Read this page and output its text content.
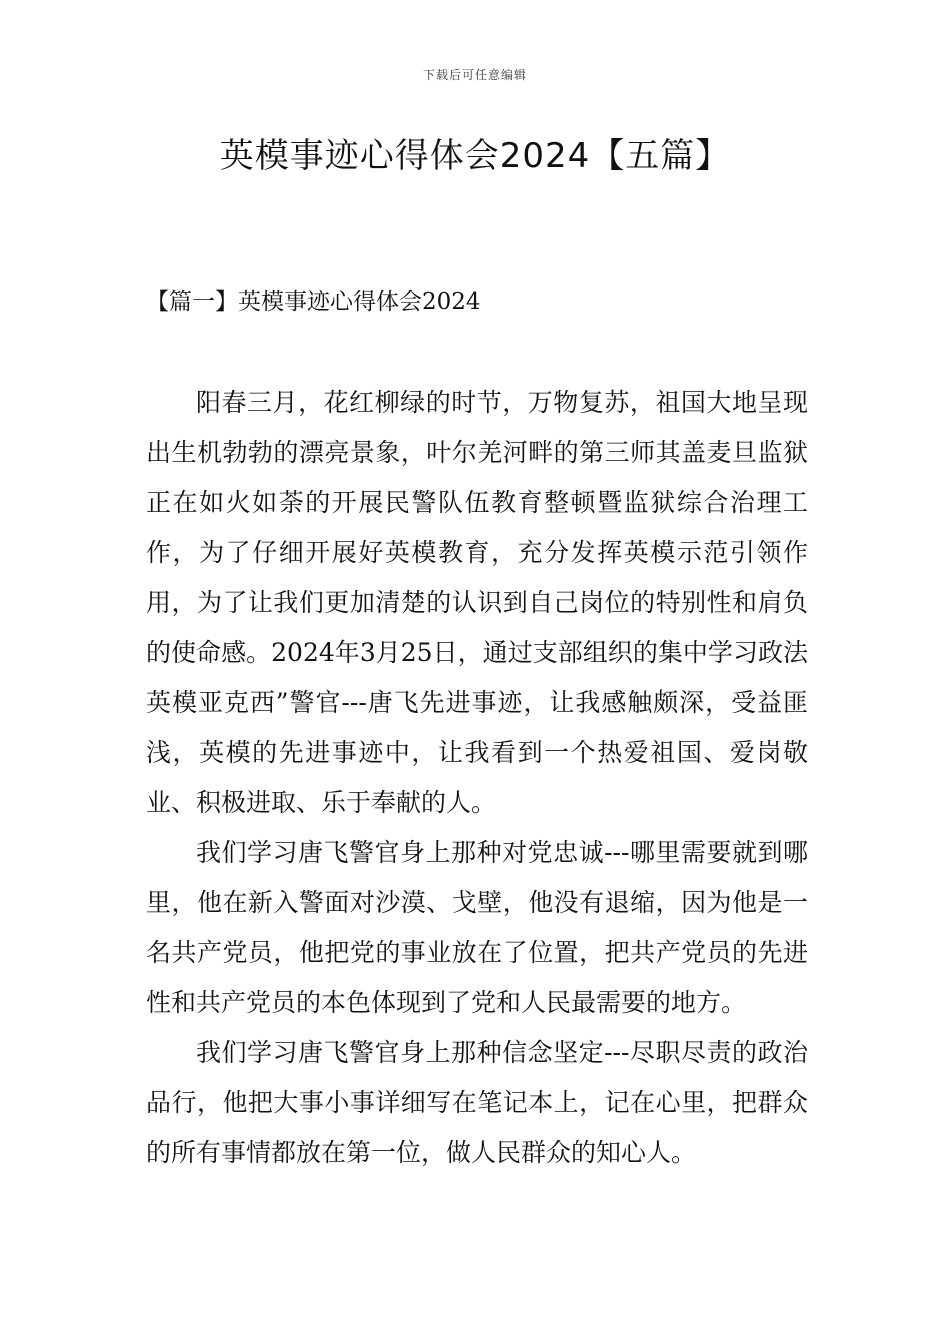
下载后可任意编辑
英模事迹心得体会2024【五篇】
【篇一】英模事迹心得体会2024

阳春三月，花红柳绿的时节，万物复苏，祖国大地呈现出生机勃勃的漂亮景象，叶尔羌河畔的第三师其盖麦旦监狱正在如火如荼的开展民警队伍教育整顿暨监狱综合治理工作，为了仔细开展好英模教育，充分发挥英模示范引领作用，为了让我们更加清楚的认识到自己岗位的特别性和肩负的使命感。2024年3月25日，通过支部组织的集中学习政法英模亚克西”警官---唐飞先进事迹，让我感触颇深，受益匪浅，英模的先进事迹中，让我看到一个热爱祖国、爱岗敬业、积极进取、乐于奉献的人。

我们学习唐飞警官身上那种对党忠诚---哪里需要就到哪里，他在新入警面对沙漠、戈壁，他没有退缩，因为他是一名共产党员，他把党的事业放在了位置，把共产党员的先进性和共产党员的本色体现到了党和人民最需要的地方。

我们学习唐飞警官身上那种信念坚定---尽职尽责的政治品行，他把大事小事详细写在笔记本上，记在心里，把群众的所有事情都放在第一位，做人民群众的知心人。
